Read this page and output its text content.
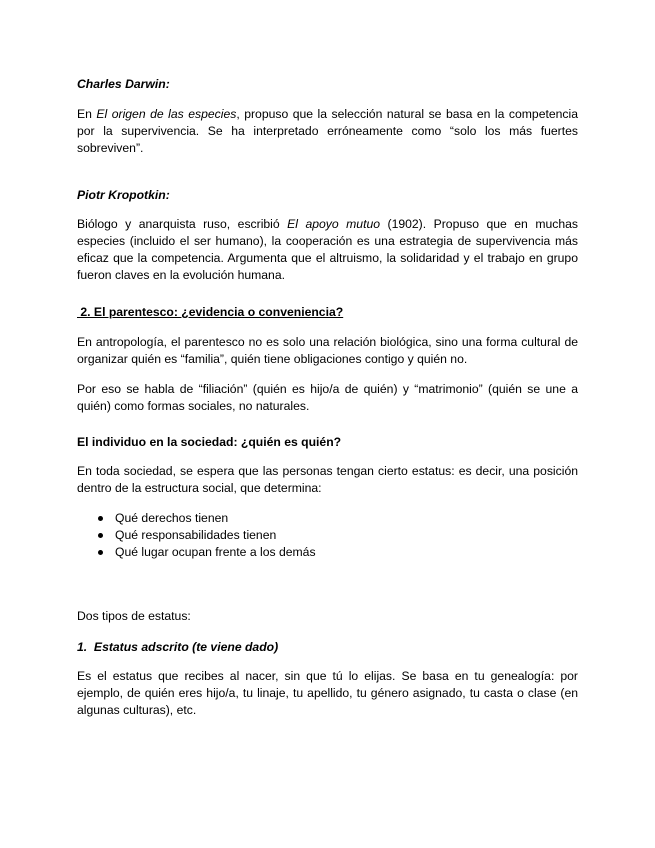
Charles Darwin:

En El origen de las especies, propuso que la selección natural se basa en la competencia por la supervivencia. Se ha interpretado erróneamente como “solo los más fuertes sobreviven”.

Piotr Kropotkin:

Biólogo y anarquista ruso, escribió El apoyo mutuo (1902). Propuso que en muchas especies (incluido el ser humano), la cooperación es una estrategia de supervivencia más eficaz que la competencia. Argumenta que el altruismo, la solidaridad y el trabajo en grupo fueron claves en la evolución humana.

2. El parentesco: ¿evidencia o conveniencia?

En antropología, el parentesco no es solo una relación biológica, sino una forma cultural de organizar quién es “familia”, quién tiene obligaciones contigo y quién no.

Por eso se habla de “filiación” (quién es hijo/a de quién) y “matrimonio” (quién se une a quién) como formas sociales, no naturales.

El individuo en la sociedad: ¿quién es quién?

En toda sociedad, se espera que las personas tengan cierto estatus: es decir, una posición dentro de la estructura social, que determina:

Qué derechos tienen
Qué responsabilidades tienen
Qué lugar ocupan frente a los demás

Dos tipos de estatus:

1.  Estatus adscrito (te viene dado)

Es el estatus que recibes al nacer, sin que tú lo elijas. Se basa en tu genealogía: por ejemplo, de quién eres hijo/a, tu linaje, tu apellido, tu género asignado, tu casta o clase (en algunas culturas), etc.
